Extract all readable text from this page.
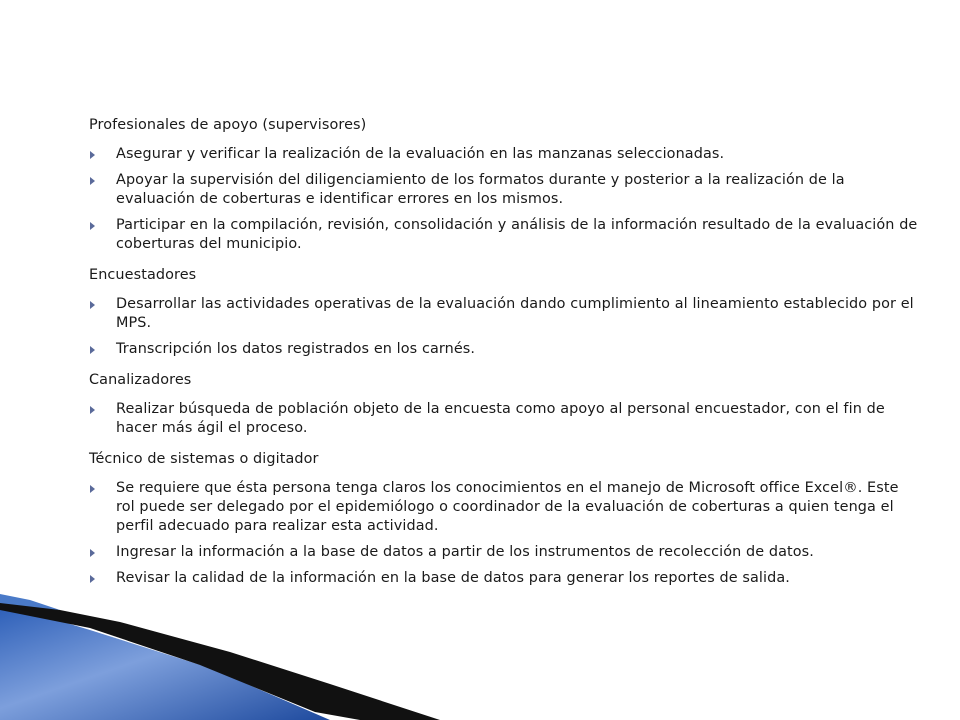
Profesionales de apoyo (supervisores)
Asegurar y verificar la realización de la evaluación en las manzanas seleccionadas.
Apoyar la supervisión del diligenciamiento de los formatos durante y posterior a la realización de la evaluación de coberturas e identificar errores en los mismos.
Participar en la compilación, revisión, consolidación y análisis de la información resultado de la evaluación de coberturas del municipio.
Encuestadores
Desarrollar las actividades operativas de la evaluación dando cumplimiento al lineamiento establecido por el MPS.
Transcripción los datos registrados en los carnés.
Canalizadores
Realizar búsqueda de población objeto de la encuesta como apoyo al personal encuestador, con el fin de hacer más ágil el proceso.
Técnico de sistemas o digitador
Se requiere que ésta persona tenga claros los conocimientos en el manejo de Microsoft office Excel®. Este rol puede ser delegado por el epidemiólogo o coordinador de la evaluación de coberturas a quien tenga el perfil adecuado para realizar esta actividad.
Ingresar la información a la base de datos a partir de los instrumentos de recolección de datos.
Revisar la calidad de la información en la base de datos para generar los reportes de salida.
